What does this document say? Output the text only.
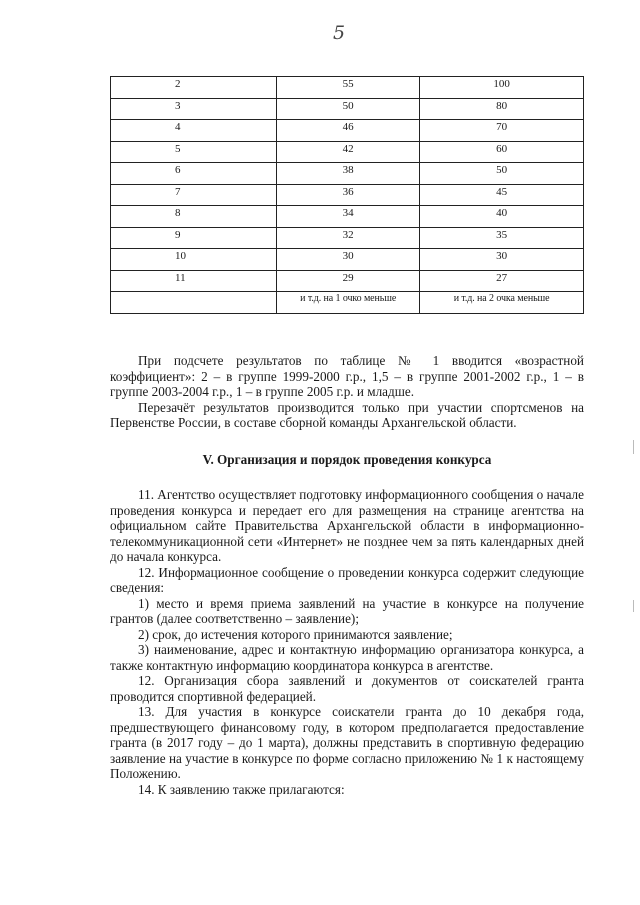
5
2	55	100
3	50	80
4	46	70
5	42	60
6	38	50
7	36	45
8	34	40
9	32	35
10	30	30
11	29	27
	и т.д. на 1 очко меньше	и т.д. на 2 очка меньше

При подсчете результатов по таблице № 1 вводится «возрастной коэффициент»: 2 – в группе 1999-2000 г.р., 1,5 – в группе 2001-2002 г.р., 1 – в группе 2003-2004 г.р., 1 – в группе 2005 г.р. и младше.

Перезачёт результатов производится только при участии спортсменов на Первенстве России, в составе сборной команды Архангельской области.

V. Организация и порядок проведения конкурса

11. Агентство осуществляет подготовку информационного сообщения о начале проведения конкурса и передает его для размещения на странице агентства на официальном сайте Правительства Архангельской области в информационно-телекоммуникационной сети «Интернет» не позднее чем за пять календарных дней до начала конкурса.

12. Информационное сообщение о проведении конкурса содержит следующие сведения:

1) место и время приема заявлений на участие в конкурсе на получение грантов (далее соответственно – заявление);

2) срок, до истечения которого принимаются заявление;

3) наименование, адрес и контактную информацию организатора конкурса, а также контактную информацию координатора конкурса в агентстве.

12. Организация сбора заявлений и документов от соискателей гранта проводится спортивной федерацией.

13. Для участия в конкурсе соискатели гранта до 10 декабря года, предшествующего финансовому году, в котором предполагается предоставление гранта (в 2017 году – до 1 марта), должны представить в спортивную федерацию заявление на участие в конкурсе по форме согласно приложению № 1 к настоящему Положению.

14. К заявлению также прилагаются:
